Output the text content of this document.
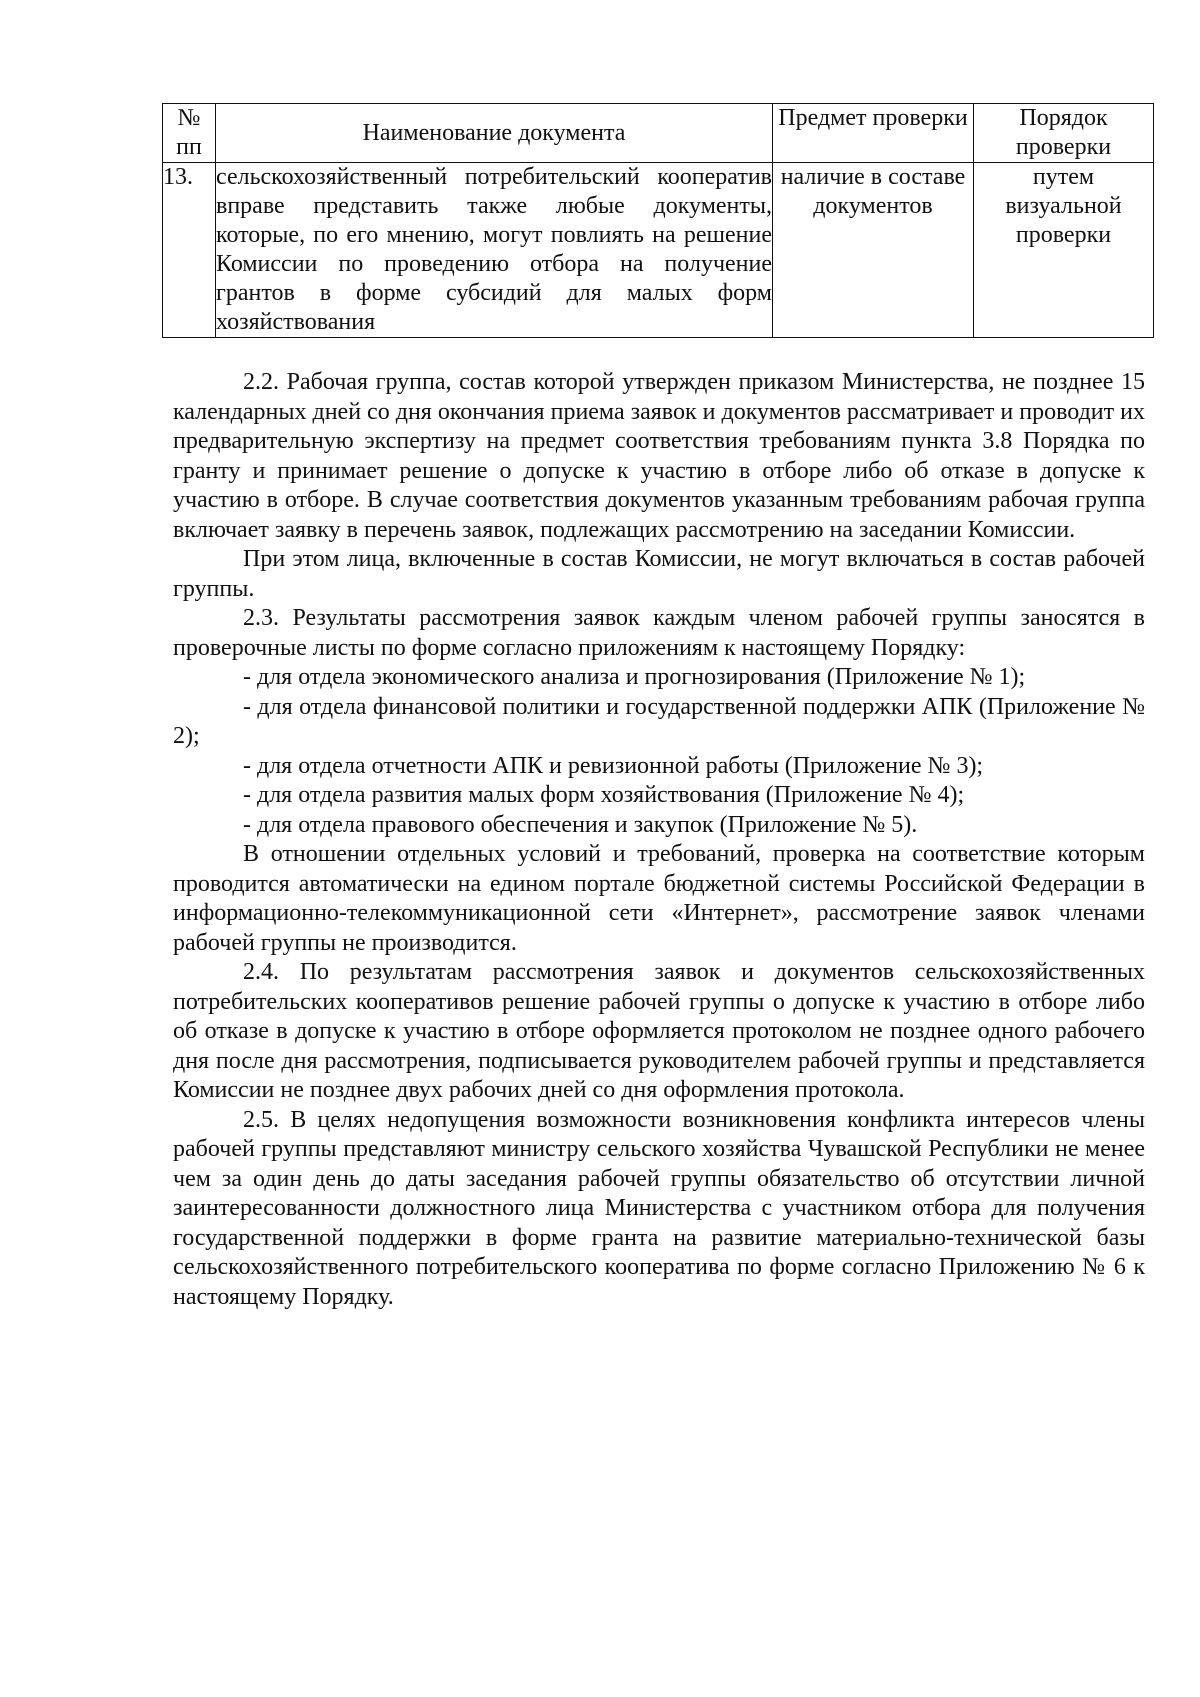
№ пп	Наименование документа	Предмет проверки	Порядок проверки
13.	сельскохозяйственный потребительский кооператив вправе представить также любые документы, которые, по его мнению, могут повлиять на решение Комиссии по проведению отбора на получение грантов в форме субсидий для малых форм хозяйствования	наличие в составе документов	путем визуальной проверки

2.2. Рабочая группа, состав которой утвержден приказом Министерства, не позднее 15 календарных дней со дня окончания приема заявок и документов рассматривает и проводит их предварительную экспертизу на предмет соответствия требованиям пункта 3.8 Порядка по гранту и принимает решение о допуске к участию в отборе либо об отказе в допуске к участию в отборе. В случае соответствия документов указанным требованиям рабочая группа включает заявку в перечень заявок, подлежащих рассмотрению на заседании Комиссии.

При этом лица, включенные в состав Комиссии, не могут включаться в состав рабочей группы.

2.3. Результаты рассмотрения заявок каждым членом рабочей группы заносятся в проверочные листы по форме согласно приложениям к настоящему Порядку:

- для отдела экономического анализа и прогнозирования (Приложение № 1);

- для отдела финансовой политики и государственной поддержки АПК (Приложение № 2);

- для отдела отчетности АПК и ревизионной работы (Приложение № 3);

- для отдела развития малых форм хозяйствования (Приложение № 4);

- для отдела правового обеспечения и закупок (Приложение № 5).

В отношении отдельных условий и требований, проверка на соответствие которым проводится автоматически на едином портале бюджетной системы Российской Федерации в информационно-телекоммуникационной сети «Интернет», рассмотрение заявок членами рабочей группы не производится.

2.4. По результатам рассмотрения заявок и документов сельскохозяйственных потребительских кооперативов решение рабочей группы о допуске к участию в отборе либо об отказе в допуске к участию в отборе оформляется протоколом не позднее одного рабочего дня после дня рассмотрения, подписывается руководителем рабочей группы и представляется Комиссии не позднее двух рабочих дней со дня оформления протокола.

2.5. В целях недопущения возможности возникновения конфликта интересов члены рабочей группы представляют министру сельского хозяйства Чувашской Республики не менее чем за один день до даты заседания рабочей группы обязательство об отсутствии личной заинтересованности должностного лица Министерства с участником отбора для получения государственной поддержки в форме гранта на развитие материально-технической базы сельскохозяйственного потребительского кооператива по форме согласно Приложению № 6 к настоящему Порядку.
